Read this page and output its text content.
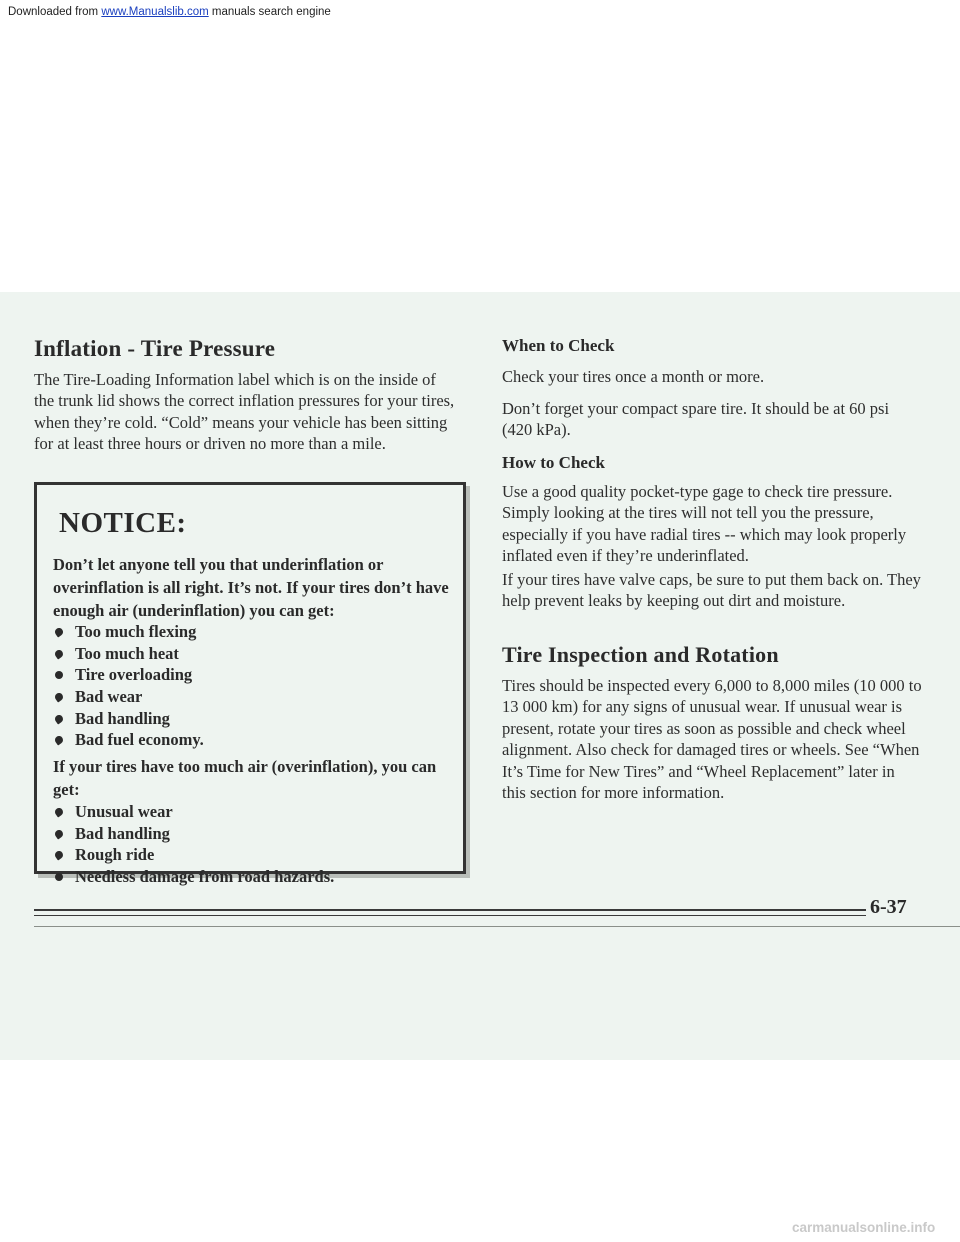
Downloaded from www.Manualslib.com manuals search engine
Inflation - Tire Pressure

The Tire-Loading Information label which is on the inside of the trunk lid shows the correct inflation pressures for your tires, when they’re cold. “Cold” means your vehicle has been sitting for at least three hours or driven no more than a mile.

NOTICE:

Don’t let anyone tell you that underinflation or overinflation is all right. It’s not. If your tires don’t have enough air (underinflation) you can get:

Too much flexing
Too much heat
Tire overloading
Bad wear
Bad handling
Bad fuel economy.

If your tires have too much air (overinflation), you can get:

Unusual wear
Bad handling
Rough ride
Needless damage from road hazards.
When to Check

Check your tires once a month or more.

Don’t forget your compact spare tire. It should be at 60 psi (420 kPa).

How to Check

Use a good quality pocket-type gage to check tire pressure. Simply looking at the tires will not tell you the pressure, especially if you have radial tires -- which may look properly inflated even if they’re underinflated.

If your tires have valve caps, be sure to put them back on. They help prevent leaks by keeping out dirt and moisture.

Tire Inspection and Rotation

Tires should be inspected every 6,000 to 8,000 miles (10 000 to 13 000 km) for any signs of unusual wear. If unusual wear is present, rotate your tires as soon as possible and check wheel alignment. Also check for damaged tires or wheels. See “When It’s Time for New Tires” and “Wheel Replacement” later in this section for more information.

6-37
carmanualsonline.info
